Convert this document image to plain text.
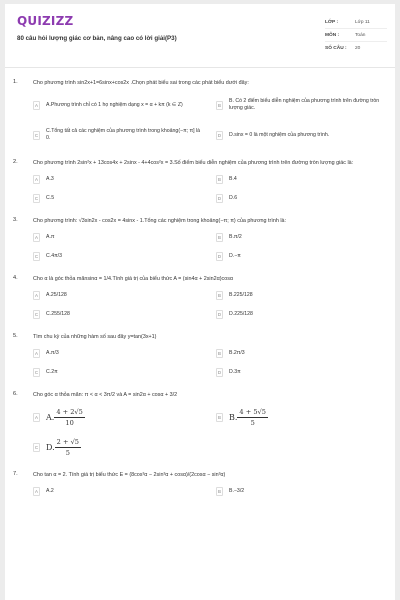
QUIZIZZ
80 câu hỏi lượng giác cơ bản, nâng cao có lời giải(P3)
LỚP :	Lớp 11
MÔN :	Toán
SỐ CÂU :	20
1.	Cho phương trình sin2x+1=6sinx+cos2x .Chọn phát biểu sai trong các phát biểu dưới đây:
A	A.Phương trình chỉ có 1 họ nghiệm dạng x = α + kπ (k ∈ Z)	B
B. Có 2 điểm biểu diễn nghiệm của phương trình trên đường tròn lượng giác.
C
C.Tổng tất cả các nghiệm của phương trình trong khoảng(−π; π] là 0.	D	D.sinx = 0 là một nghiệm của phương trình.
2.	Cho phương trình 2sin²x + 13cos4x + 2sinx - 4+4cos²x = 3.Số điểm biểu diễn nghiệm của phương trình trên đường tròn lượng giác là:
A	A.3	B	B.4
C	C.5	D	D.6
3.	Cho phương trình: √3sin2x - cos2x = 4sinx - 1.Tổng các nghiệm trong khoảng(−π; π) của phương trình là:
A	A.π	B	B.π/2
C	C.4π/3	D	D.−π
4.	Cho α là góc thỏa mãnsinα = 1/4.Tính giá trị của biểu thức A = (sin4α + 2sin2α)cosα
A	A.25/128	B	B.225/128
C	C.255/128	D	D.225/128
5.	Tìm chu kỳ của những hàm số sau đây y=tan(3x+1)
A	A.π/3	B	B.2π/3
C	C.2π	D	D.3π
6.	Cho góc α thỏa mãn: π < α < 3π/2 và A = sin2α + cosα + 3/2
A A. $\frac{4 + 2√5}{10}$	B B. $\frac{4 + 5√5}{5}$
C D. $\frac{2 + √5}{5}$
7.	Cho tan α = 2. Tính giá trị biểu thức E = (8cos³α − 2sin³α + cosα)/(2cosα − sin³α)
A	A.2	B	B.−3/2
